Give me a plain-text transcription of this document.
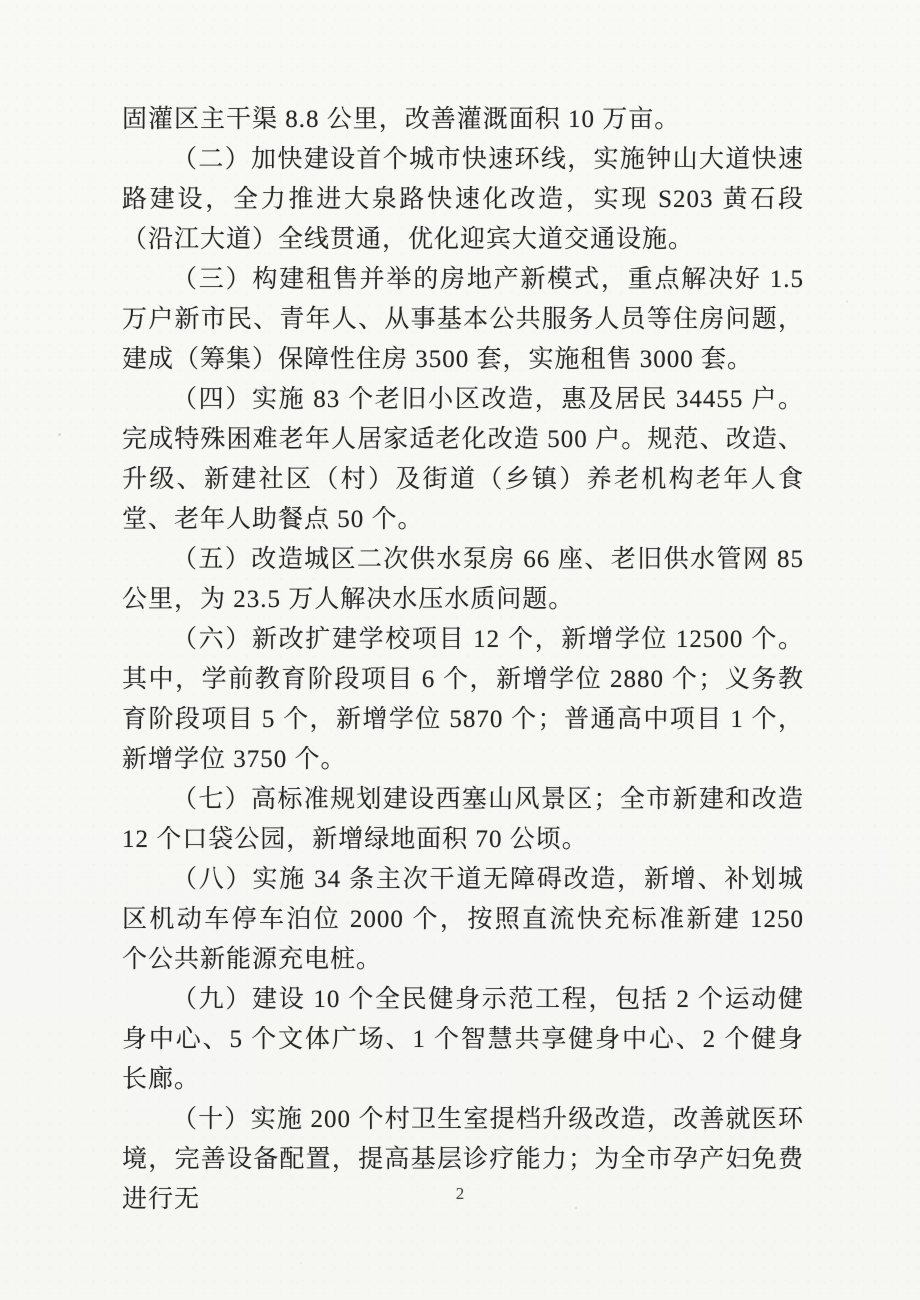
固灌区主干渠 8.8 公里，改善灌溉面积 10 万亩。

（二）加快建设首个城市快速环线，实施钟山大道快速路建设，全力推进大泉路快速化改造，实现 S203 黄石段（沿江大道）全线贯通，优化迎宾大道交通设施。

（三）构建租售并举的房地产新模式，重点解决好 1.5 万户新市民、青年人、从事基本公共服务人员等住房问题，建成（筹集）保障性住房 3500 套，实施租售 3000 套。

（四）实施 83 个老旧小区改造，惠及居民 34455 户。完成特殊困难老年人居家适老化改造 500 户。规范、改造、升级、新建社区（村）及街道（乡镇）养老机构老年人食堂、老年人助餐点 50 个。

（五）改造城区二次供水泵房 66 座、老旧供水管网 85 公里，为 23.5 万人解决水压水质问题。

（六）新改扩建学校项目 12 个，新增学位 12500 个。其中，学前教育阶段项目 6 个，新增学位 2880 个；义务教育阶段项目 5 个，新增学位 5870 个；普通高中项目 1 个，新增学位 3750 个。

（七）高标准规划建设西塞山风景区；全市新建和改造 12 个口袋公园，新增绿地面积 70 公顷。

（八）实施 34 条主次干道无障碍改造，新增、补划城区机动车停车泊位 2000 个，按照直流快充标准新建 1250 个公共新能源充电桩。

（九）建设 10 个全民健身示范工程，包括 2 个运动健身中心、5 个文体广场、1 个智慧共享健身中心、2 个健身长廊。

（十）实施 200 个村卫生室提档升级改造，改善就医环境，完善设备配置，提高基层诊疗能力；为全市孕产妇免费进行无	2
